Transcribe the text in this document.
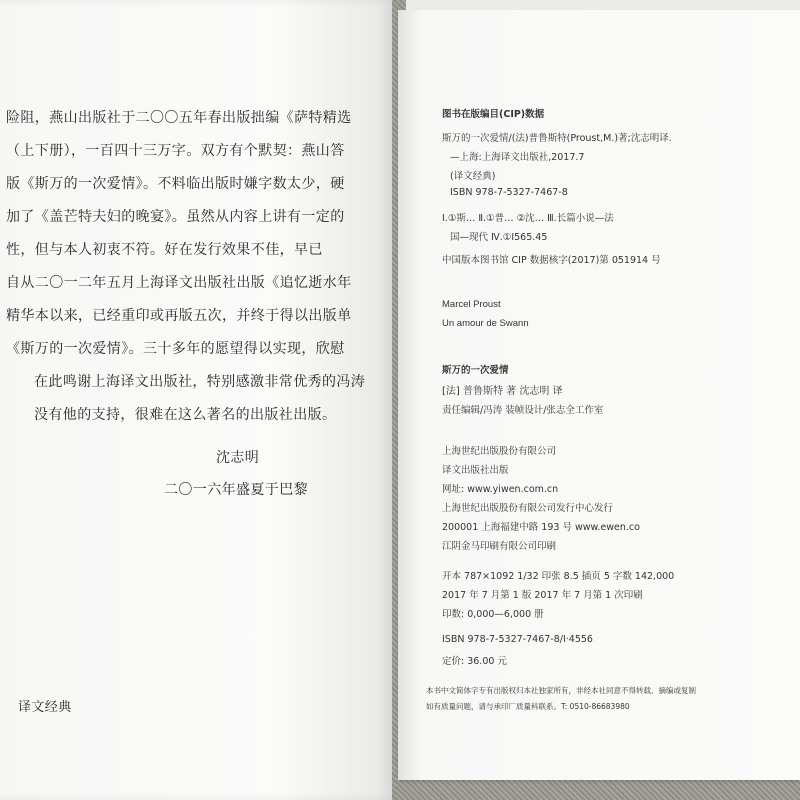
险阻，燕山出版社于二〇〇五年春出版拙编《萨特精选
（上下册），一百四十三万字。双方有个默契：燕山答
版《斯万的一次爱情》。不料临出版时嫌字数太少，硬
加了《盖芒特夫妇的晚宴》。虽然从内容上讲有一定的
性，但与本人初衷不符。好在发行效果不佳，早已
自从二〇一二年五月上海译文出版社出版《追忆逝水年
精华本以来，已经重印或再版五次，并终于得以出版单
《斯万的一次爱情》。三十多年的愿望得以实现，欣慰
在此鸣谢上海译文出版社，特别感激非常优秀的冯涛
没有他的支持，很难在这么著名的出版社出版。
沈志明
二〇一六年盛夏于巴黎
译文经典
图书在版编目(CIP)数据
斯万的一次爱情/(法)普鲁斯特(Proust,M.)著;沈志明译.
—上海:上海译文出版社,2017.7
(译文经典)
ISBN 978-7-5327-7467-8
Ⅰ.①斯… Ⅱ.①普… ②沈… Ⅲ.长篇小说—法
国—现代 Ⅳ.①I565.45
中国版本图书馆 CIP 数据核字(2017)第 051914 号
Marcel Proust
Un amour de Swann
斯万的一次爱情
[法] 普鲁斯特 著 沈志明 译
责任编辑/冯涛 装帧设计/张志全工作室
上海世纪出版股份有限公司
译文出版社出版
网址: www.yiwen.com.cn
上海世纪出版股份有限公司发行中心发行
200001 上海福建中路 193 号 www.ewen.co
江阴金马印刷有限公司印刷
开本 787×1092 1/32 印张 8.5 插页 5 字数 142,000
2017 年 7 月第 1 版 2017 年 7 月第 1 次印刷
印数: 0,000—6,000 册
ISBN 978-7-5327-7467-8/I·4556
定价: 36.00 元
本书中文简体字专有出版权归本社独家所有，非经本社同意不得转载、摘编或复制
如有质量问题，请与承印厂质量科联系。T: 0510-86683980
